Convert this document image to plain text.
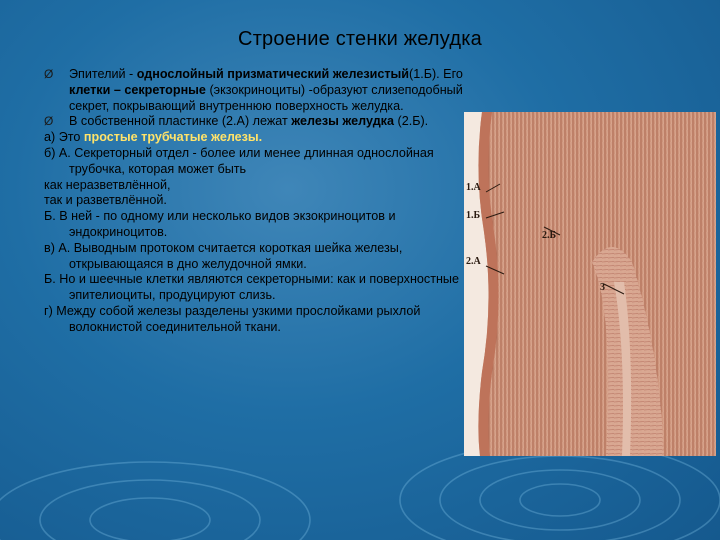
Строение стенки желудка

Ø Эпителий - однослойный призматический железистый(1.Б). Его клетки – секреторные (экзокриноциты) -образуют слизеподобный секрет, покрывающий внутреннюю поверхность желудка.

Ø В собственной пластинке (2.А) лежат железы желудка (2.Б).

а) Это простые трубчатые железы.

б) А. Секреторный отдел - более или менее длинная однослойная трубочка, которая может быть

как неразветвлённой,

так и разветвлённой.

Б. В ней - по одному или несколько видов экзокриноцитов и эндокриноцитов.

в) А. Выводным протоком считается короткая шейка железы, открывающаяся в дно желудочной ямки.

Б. Но и шеечные клетки являются секреторными: как и поверхностные эпителиоциты, продуцируют слизь.

г) Между собой железы разделены узкими прослойками рыхлой волокнистой соединительной ткани.

1.А
1.Б
2.Б
2.А
3
